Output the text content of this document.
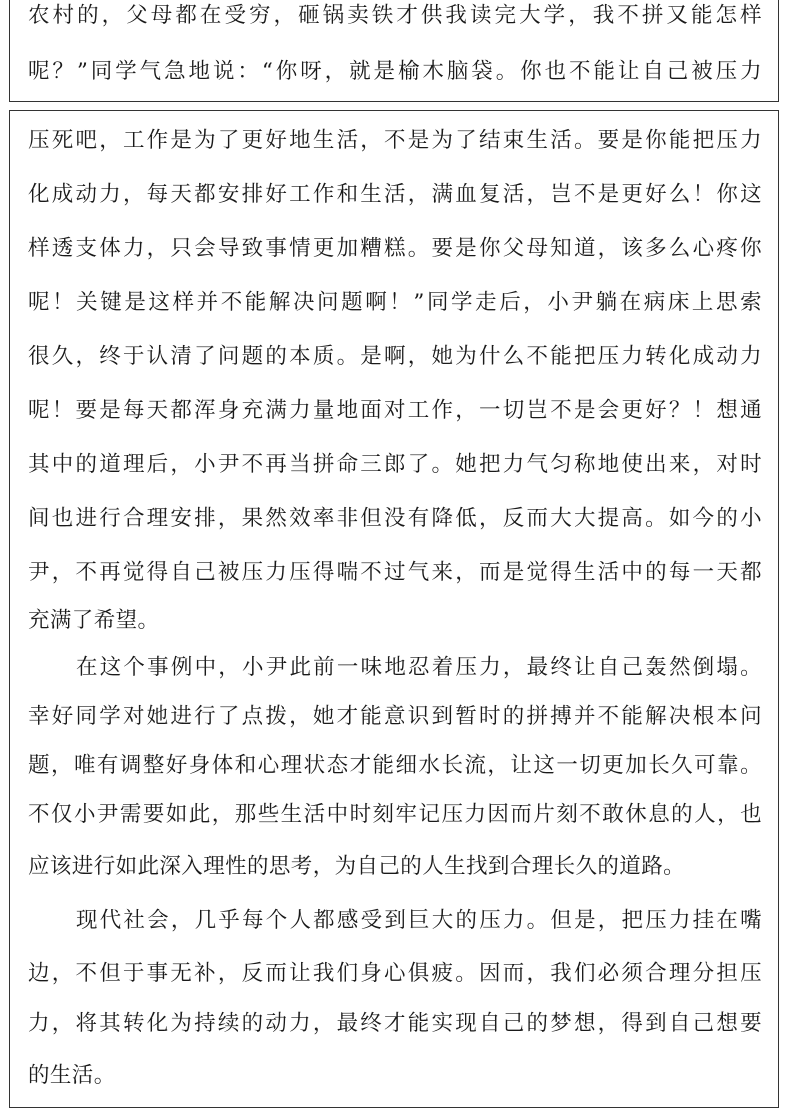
农村的，父母都在受穷，砸锅卖铁才供我读完大学，我不拼又能怎样
呢？”同学气急地说：“你呀，就是榆木脑袋。你也不能让自己被压力
压死吧，工作是为了更好地生活，不是为了结束生活。要是你能把压力
化成动力，每天都安排好工作和生活，满血复活，岂不是更好么！你这
样透支体力，只会导致事情更加糟糕。要是你父母知道，该多么心疼你
呢！关键是这样并不能解决问题啊！”同学走后，小尹躺在病床上思索
很久，终于认清了问题的本质。是啊，她为什么不能把压力转化成动力
呢！要是每天都浑身充满力量地面对工作，一切岂不是会更好？！想通
其中的道理后，小尹不再当拼命三郎了。她把力气匀称地使出来，对时
间也进行合理安排，果然效率非但没有降低，反而大大提高。如今的小
尹，不再觉得自己被压力压得喘不过气来，而是觉得生活中的每一天都
充满了希望。
在这个事例中，小尹此前一味地忍着压力，最终让自己轰然倒塌。
幸好同学对她进行了点拨，她才能意识到暂时的拼搏并不能解决根本问
题，唯有调整好身体和心理状态才能细水长流，让这一切更加长久可靠。
不仅小尹需要如此，那些生活中时刻牢记压力因而片刻不敢休息的人，也
应该进行如此深入理性的思考，为自己的人生找到合理长久的道路。
现代社会，几乎每个人都感受到巨大的压力。但是，把压力挂在嘴
边，不但于事无补，反而让我们身心俱疲。因而，我们必须合理分担压
力，将其转化为持续的动力，最终才能实现自己的梦想，得到自己想要
的生活。
